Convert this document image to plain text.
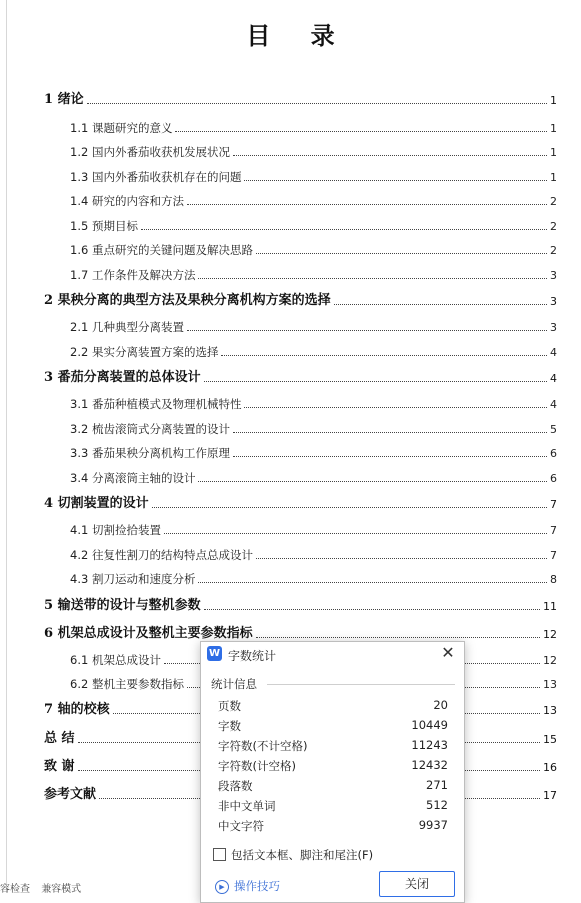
目 录
1 绪论	1
1.1 课题研究的意义	1
1.2 国内外番茄收获机发展状况	1
1.3 国内外番茄收获机存在的问题	1
1.4 研究的内容和方法	2
1.5 预期目标	2
1.6 重点研究的关键问题及解决思路	2
1.7 工作条件及解决方法	3
2 果秧分离的典型方法及果秧分离机构方案的选择	3
2.1 几种典型分离装置	3
2.2 果实分离装置方案的选择	4
3 番茄分离装置的总体设计	4
3.1 番茄种植模式及物理机械特性	4
3.2 梳齿滚筒式分离装置的设计	5
3.3 番茄果秧分离机构工作原理	6
3.4 分离滚筒主轴的设计	6
4 切割装置的设计	7
4.1 切割捡拾装置	7
4.2 往复性割刀的结构特点总成设计	7
4.3 割刀运动和速度分析	8
5 输送带的设计与整机参数	11
6 机架总成设计及整机主要参数指标	12
6.1 机架总成设计	12
6.2 整机主要参数指标	13
7 轴的校核	13
总 结	15
致 谢	16
参考文献	17
W 字数统计	✕
统计信息
页数	20
字数	10449
字符数(不计空格)	11243
字符数(计空格)	12432
段落数	271
非中文单词	512
中文字符	9937
包括文本框、脚注和尾注(F)
▶ 操作技巧	关闭
容检查 兼容模式
